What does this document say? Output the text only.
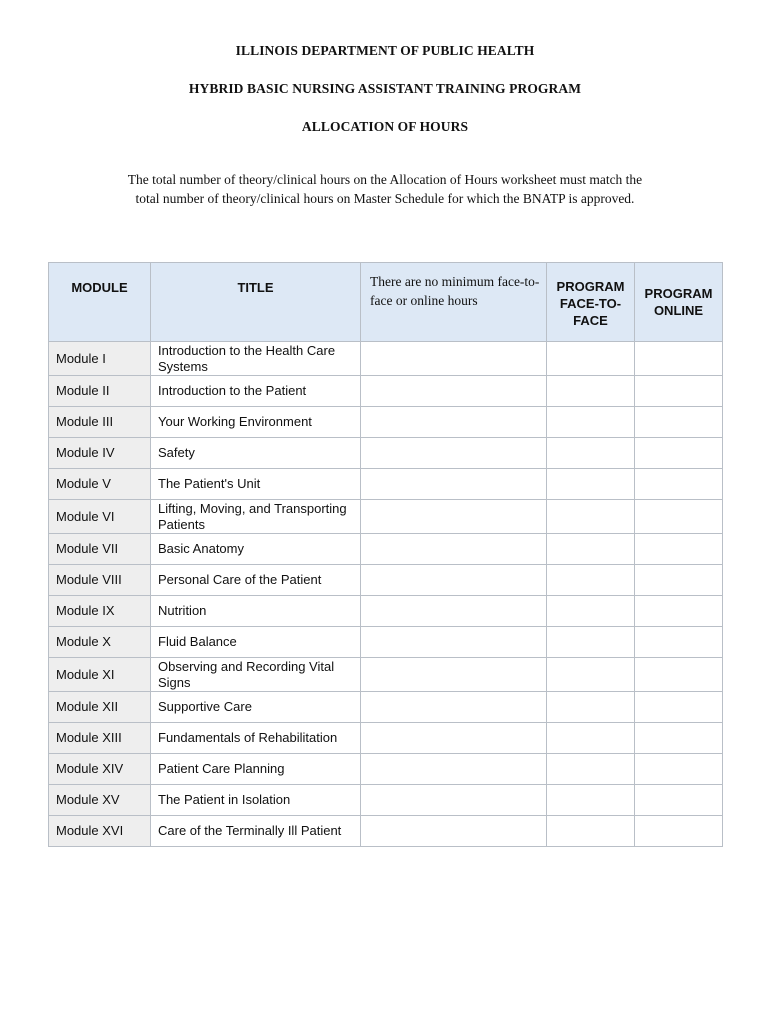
ILLINOIS DEPARTMENT OF PUBLIC HEALTH
HYBRID BASIC NURSING ASSISTANT TRAINING PROGRAM
ALLOCATION OF HOURS
The total number of theory/clinical hours on the Allocation of Hours worksheet must match the total number of theory/clinical hours on Master Schedule for which the BNATP is approved.
MODULE	TITLE	There are no minimum face-to-face or online hours	PROGRAM FACE-TO-FACE	PROGRAM ONLINE

Module I	Introduction to the Health Care Systems			
Module II	Introduction to the Patient			
Module III	Your Working Environment			
Module IV	Safety			
Module V	The Patient's Unit			
Module VI	Lifting, Moving, and Transporting Patients			
Module VII	Basic Anatomy			
Module VIII	Personal Care of the Patient			
Module IX	Nutrition			
Module X	Fluid Balance			
Module XI	Observing and Recording Vital Signs			
Module XII	Supportive Care			
Module XIII	Fundamentals of Rehabilitation			
Module XIV	Patient Care Planning			
Module XV	The Patient in Isolation			
Module XVI	Care of the Terminally Ill Patient			
